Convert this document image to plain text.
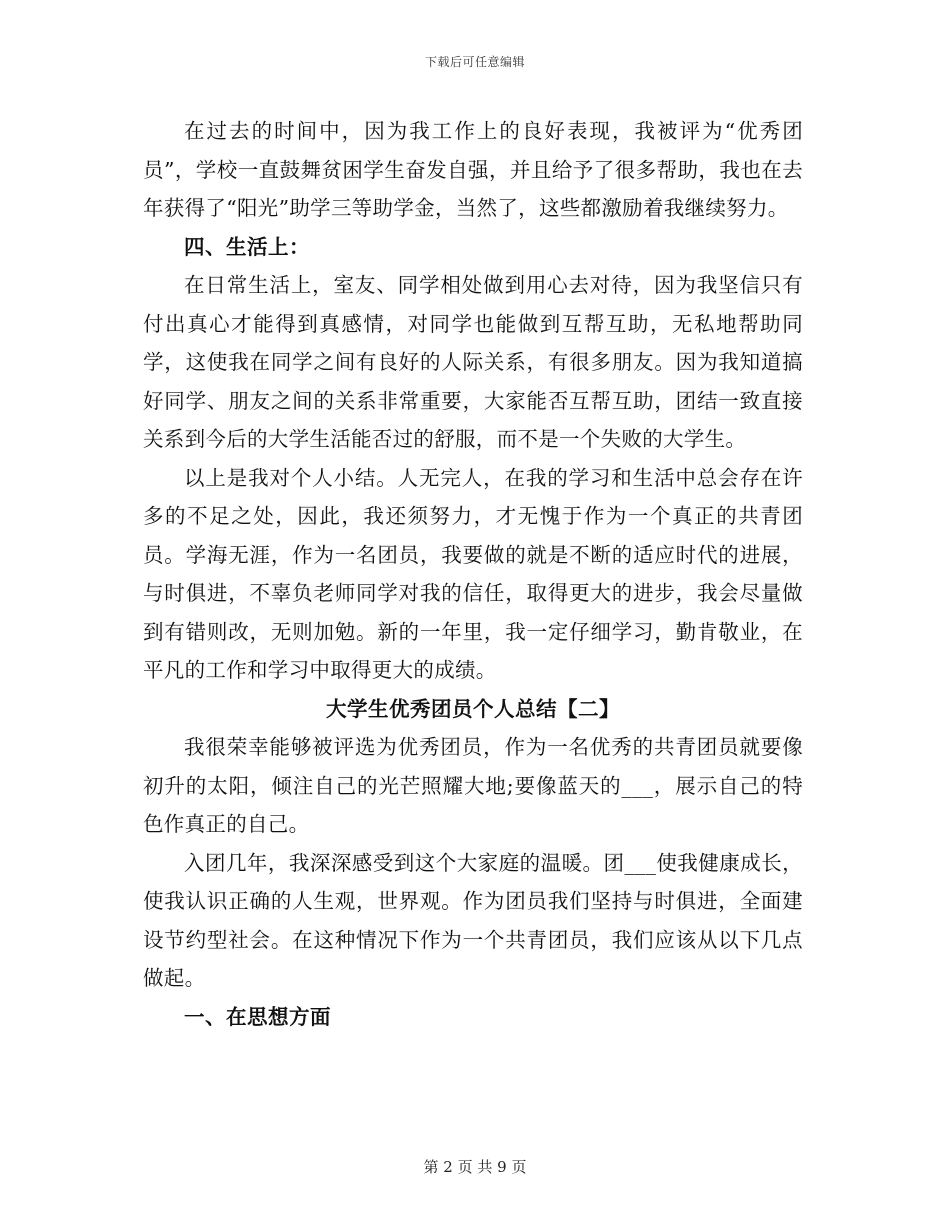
下载后可任意编辑

在过去的时间中，因为我工作上的良好表现，我被评为“优秀团员”，学校一直鼓舞贫困学生奋发自强，并且给予了很多帮助，我也在去年获得了“阳光”助学三等助学金，当然了，这些都激励着我继续努力。

四、生活上：

在日常生活上，室友、同学相处做到用心去对待，因为我坚信只有付出真心才能得到真感情，对同学也能做到互帮互助，无私地帮助同学，这使我在同学之间有良好的人际关系，有很多朋友。因为我知道搞好同学、朋友之间的关系非常重要，大家能否互帮互助，团结一致直接关系到今后的大学生活能否过的舒服，而不是一个失败的大学生。

以上是我对个人小结。人无完人，在我的学习和生活中总会存在许多的不足之处，因此，我还须努力，才无愧于作为一个真正的共青团员。学海无涯，作为一名团员，我要做的就是不断的适应时代的进展，与时俱进，不辜负老师同学对我的信任，取得更大的进步，我会尽量做到有错则改，无则加勉。新的一年里，我一定仔细学习，勤肯敬业，在平凡的工作和学习中取得更大的成绩。

大学生优秀团员个人总结【二】

我很荣幸能够被评选为优秀团员，作为一名优秀的共青团员就要像初升的太阳，倾注自己的光芒照耀大地;要像蓝天的___，展示自己的特色作真正的自己。

入团几年，我深深感受到这个大家庭的温暖。团___使我健康成长，使我认识正确的人生观，世界观。作为团员我们坚持与时俱进，全面建设节约型社会。在这种情况下作为一个共青团员，我们应该从以下几点做起。

一、在思想方面

第 2 页 共 9 页
